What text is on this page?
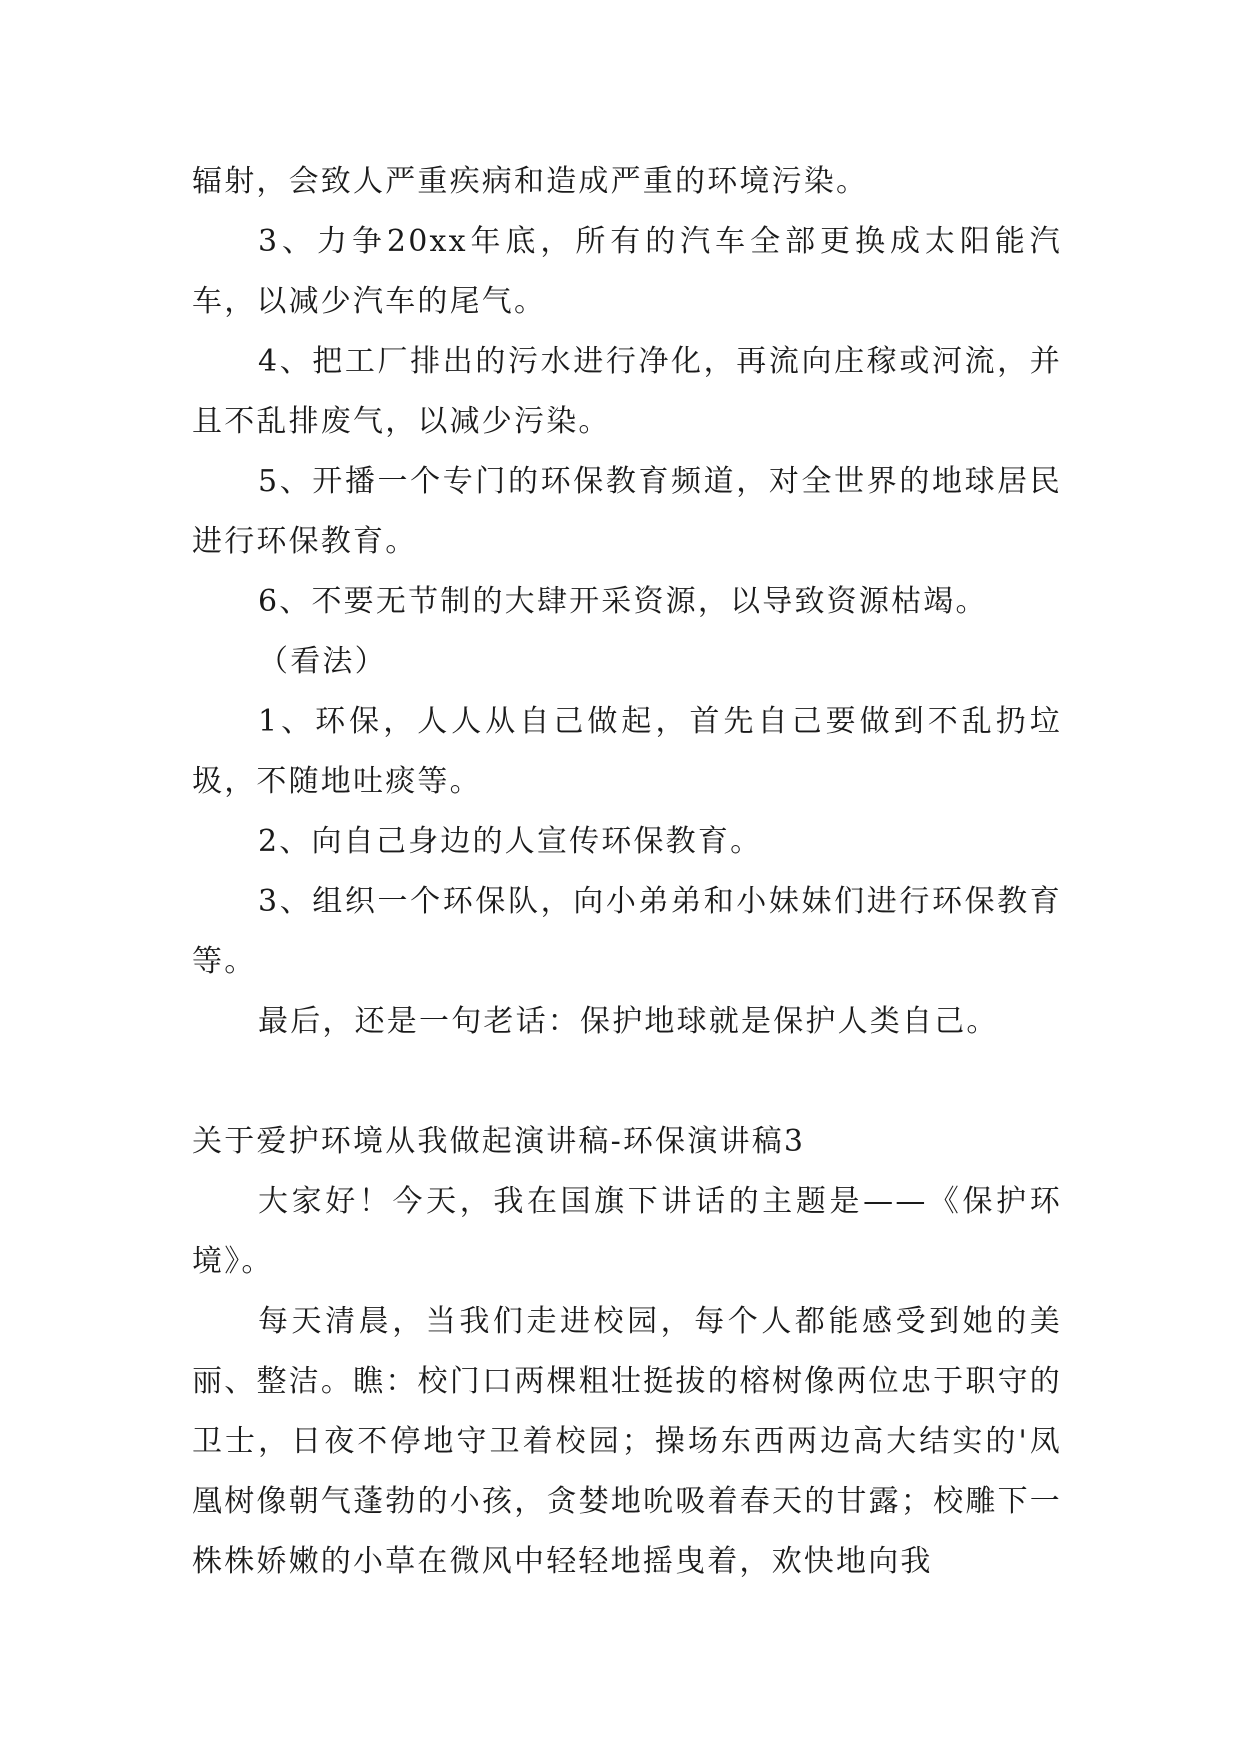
辐射，会致人严重疾病和造成严重的环境污染。

3、力争20xx年底，所有的汽车全部更换成太阳能汽车，以减少汽车的尾气。

4、把工厂排出的污水进行净化，再流向庄稼或河流，并且不乱排废气，以减少污染。

5、开播一个专门的环保教育频道，对全世界的地球居民进行环保教育。

6、不要无节制的大肆开采资源，以导致资源枯竭。

（看法）

1、环保，人人从自己做起，首先自己要做到不乱扔垃圾，不随地吐痰等。

2、向自己身边的人宣传环保教育。

3、组织一个环保队，向小弟弟和小妹妹们进行环保教育等。

最后，还是一句老话：保护地球就是保护人类自己。

关于爱护环境从我做起演讲稿-环保演讲稿3

大家好！今天，我在国旗下讲话的主题是——《保护环境》。

每天清晨，当我们走进校园，每个人都能感受到她的美丽、整洁。瞧：校门口两棵粗壮挺拔的榕树像两位忠于职守的卫士，日夜不停地守卫着校园；操场东西两边高大结实的'凤凰树像朝气蓬勃的小孩，贪婪地吮吸着春天的甘露；校雕下一株株娇嫩的小草在微风中轻轻地摇曳着，欢快地向我
